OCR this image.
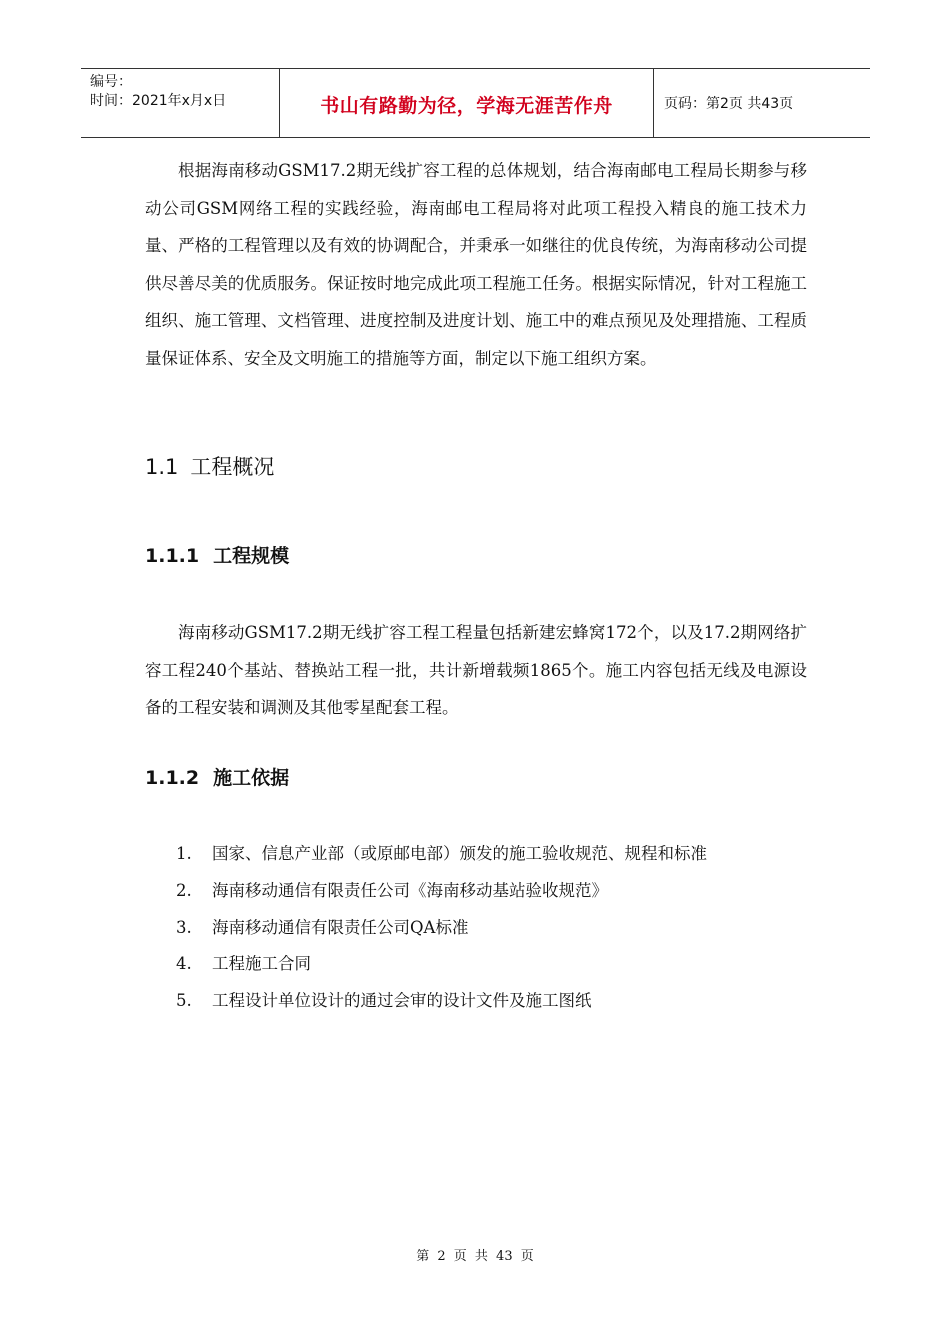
编号：
时间：2021年x月x日	书山有路勤为径，学海无涯苦作舟	页码：第2页 共43页

根据海南移动GSM17.2期无线扩容工程的总体规划，结合海南邮电工程局长期参与移动公司GSM网络工程的实践经验，海南邮电工程局将对此项工程投入精良的施工技术力量、严格的工程管理以及有效的协调配合，并秉承一如继往的优良传统，为海南移动公司提供尽善尽美的优质服务。保证按时地完成此项工程施工任务。根据实际情况，针对工程施工组织、施工管理、文档管理、进度控制及进度计划、施工中的难点预见及处理措施、工程质量保证体系、安全及文明施工的措施等方面，制定以下施工组织方案。

1.1 工程概况
1.1.1 工程规模

海南移动GSM17.2期无线扩容工程工程量包括新建宏蜂窝172个，以及17.2期网络扩容工程240个基站、替换站工程一批，共计新增载频1865个。施工内容包括无线及电源设备的工程安装和调测及其他零星配套工程。

1.1.2 施工依据
1.	国家、信息产业部（或原邮电部）颁发的施工验收规范、规程和标准
2.	海南移动通信有限责任公司《海南移动基站验收规范》
3.	海南移动通信有限责任公司QA标准
4.	工程施工合同
5.	工程设计单位设计的通过会审的设计文件及施工图纸
第 2 页 共 43 页
